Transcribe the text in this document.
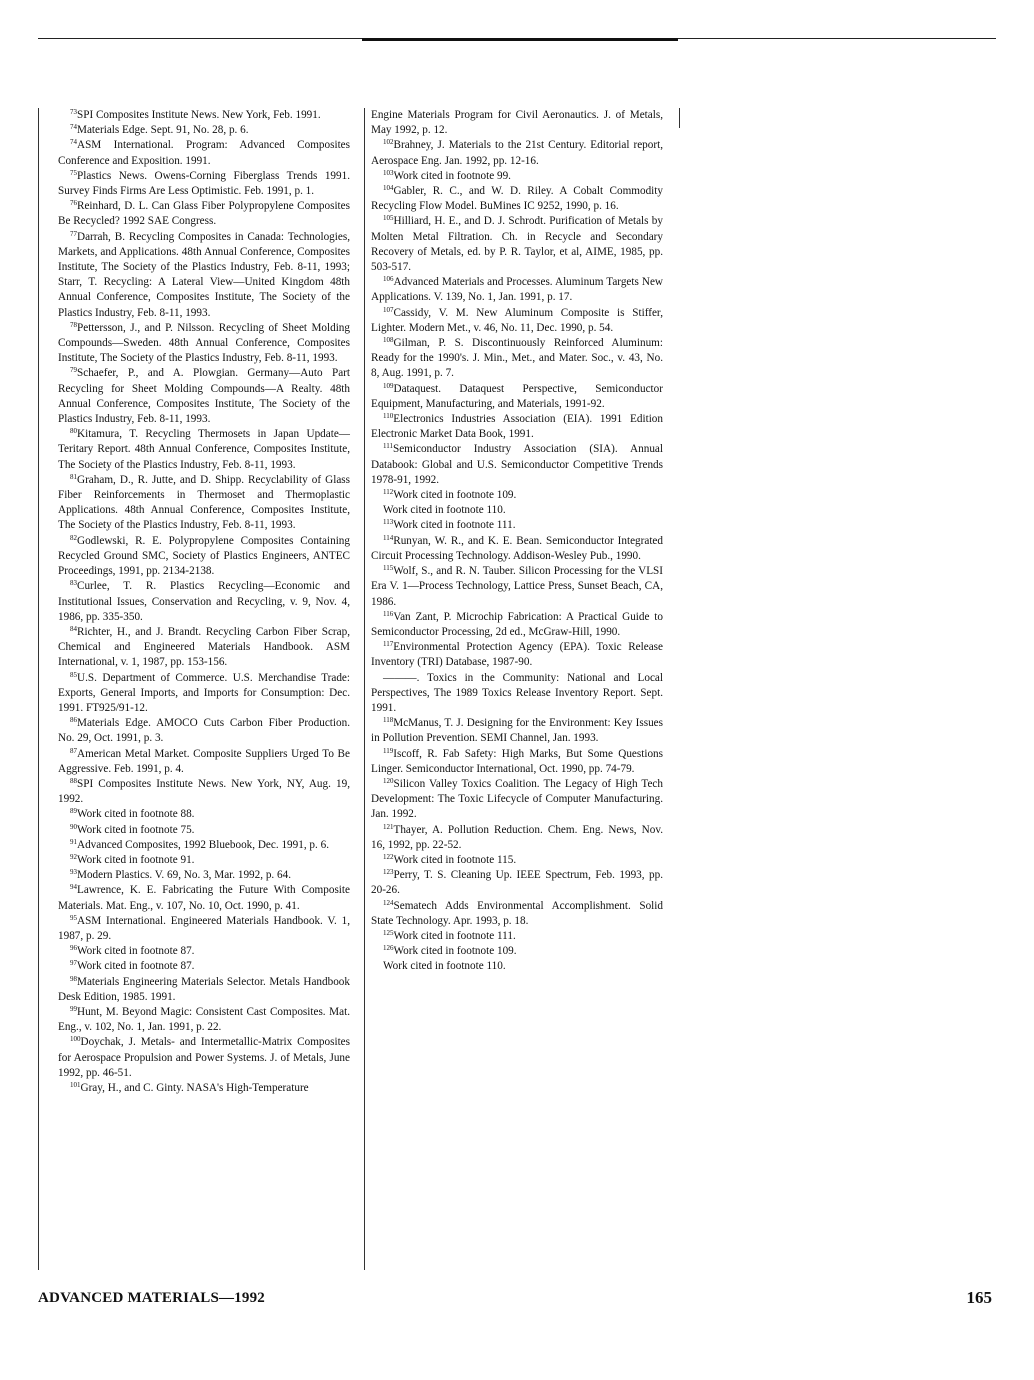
$^{73}$SPI Composites Institute News. New York, Feb. 1991.

$^{74}$Materials Edge. Sept. 91, No. 28, p. 6.

$^{74}$ASM International. Program: Advanced Composites Conference and Exposition. 1991.

$^{75}$Plastics News. Owens-Corning Fiberglass Trends 1991. Survey Finds Firms Are Less Optimistic. Feb. 1991, p. 1.

$^{76}$Reinhard, D. L. Can Glass Fiber Polypropylene Composites Be Recycled? 1992 SAE Congress.

$^{77}$Darrah, B. Recycling Composites in Canada: Technologies, Markets, and Applications. 48th Annual Conference, Composites Institute, The Society of the Plastics Industry, Feb. 8-11, 1993; Starr, T. Recycling: A Lateral View—United Kingdom 48th Annual Conference, Composites Institute, The Society of the Plastics Industry, Feb. 8-11, 1993.

$^{78}$Pettersson, J., and P. Nilsson. Recycling of Sheet Molding Compounds—Sweden. 48th Annual Conference, Composites Institute, The Society of the Plastics Industry, Feb. 8-11, 1993.

$^{79}$Schaefer, P., and A. Plowgian. Germany—Auto Part Recycling for Sheet Molding Compounds—A Realty. 48th Annual Conference, Composites Institute, The Society of the Plastics Industry, Feb. 8-11, 1993.

$^{80}$Kitamura, T. Recycling Thermosets in Japan Update—Teritary Report. 48th Annual Conference, Composites Institute, The Society of the Plastics Industry, Feb. 8-11, 1993.

$^{81}$Graham, D., R. Jutte, and D. Shipp. Recyclability of Glass Fiber Reinforcements in Thermoset and Thermoplastic Applications. 48th Annual Conference, Composites Institute, The Society of the Plastics Industry, Feb. 8-11, 1993.

$^{82}$Godlewski, R. E. Polypropylene Composites Containing Recycled Ground SMC, Society of Plastics Engineers, ANTEC Proceedings, 1991, pp. 2134-2138.

$^{83}$Curlee, T. R. Plastics Recycling—Economic and Institutional Issues, Conservation and Recycling, v. 9, Nov. 4, 1986, pp. 335-350.

$^{84}$Richter, H., and J. Brandt. Recycling Carbon Fiber Scrap, Chemical and Engineered Materials Handbook. ASM International, v. 1, 1987, pp. 153-156.

$^{85}$U.S. Department of Commerce. U.S. Merchandise Trade: Exports, General Imports, and Imports for Consumption: Dec. 1991. FT925/91-12.

$^{86}$Materials Edge. AMOCO Cuts Carbon Fiber Production. No. 29, Oct. 1991, p. 3.

$^{87}$American Metal Market. Composite Suppliers Urged To Be Aggressive. Feb. 1991, p. 4.

$^{88}$SPI Composites Institute News. New York, NY, Aug. 19, 1992.

$^{89}$Work cited in footnote 88.

$^{90}$Work cited in footnote 75.

$^{91}$Advanced Composites, 1992 Bluebook, Dec. 1991, p. 6.

$^{92}$Work cited in footnote 91.

$^{93}$Modern Plastics. V. 69, No. 3, Mar. 1992, p. 64.

$^{94}$Lawrence, K. E. Fabricating the Future With Composite Materials. Mat. Eng., v. 107, No. 10, Oct. 1990, p. 41.

$^{95}$ASM International. Engineered Materials Handbook. V. 1, 1987, p. 29.

$^{96}$Work cited in footnote 87.

$^{97}$Work cited in footnote 87.

$^{98}$Materials Engineering Materials Selector. Metals Handbook Desk Edition, 1985. 1991.

$^{99}$Hunt, M. Beyond Magic: Consistent Cast Composites. Mat. Eng., v. 102, No. 1, Jan. 1991, p. 22.

$^{100}$Doychak, J. Metals- and Intermetallic-Matrix Composites for Aerospace Propulsion and Power Systems. J. of Metals, June 1992, pp. 46-51.

$^{101}$Gray, H., and C. Ginty. NASA's High-Temperature

Engine Materials Program for Civil Aeronautics. J. of Metals, May 1992, p. 12.

$^{102}$Brahney, J. Materials to the 21st Century. Editorial report, Aerospace Eng. Jan. 1992, pp. 12-16.

$^{103}$Work cited in footnote 99.

$^{104}$Gabler, R. C., and W. D. Riley. A Cobalt Commodity Recycling Flow Model. BuMines IC 9252, 1990, p. 16.

$^{105}$Hilliard, H. E., and D. J. Schrodt. Purification of Metals by Molten Metal Filtration. Ch. in Recycle and Secondary Recovery of Metals, ed. by P. R. Taylor, et al, AIME, 1985, pp. 503-517.

$^{106}$Advanced Materials and Processes. Aluminum Targets New Applications. V. 139, No. 1, Jan. 1991, p. 17.

$^{107}$Cassidy, V. M. New Aluminum Composite is Stiffer, Lighter. Modern Met., v. 46, No. 11, Dec. 1990, p. 54.

$^{108}$Gilman, P. S. Discontinuously Reinforced Aluminum: Ready for the 1990's. J. Min., Met., and Mater. Soc., v. 43, No. 8, Aug. 1991, p. 7.

$^{109}$Dataquest. Dataquest Perspective, Semiconductor Equipment, Manufacturing, and Materials, 1991-92.

$^{110}$Electronics Industries Association (EIA). 1991 Edition Electronic Market Data Book, 1991.

$^{111}$Semiconductor Industry Association (SIA). Annual Databook: Global and U.S. Semiconductor Competitive Trends 1978-91, 1992.

$^{112}$Work cited in footnote 109.

Work cited in footnote 110.

$^{113}$Work cited in footnote 111.

$^{114}$Runyan, W. R., and K. E. Bean. Semiconductor Integrated Circuit Processing Technology. Addison-Wesley Pub., 1990.

$^{115}$Wolf, S., and R. N. Tauber. Silicon Processing for the VLSI Era V. 1—Process Technology, Lattice Press, Sunset Beach, CA, 1986.

$^{116}$Van Zant, P. Microchip Fabrication: A Practical Guide to Semiconductor Processing, 2d ed., McGraw-Hill, 1990.

$^{117}$Environmental Protection Agency (EPA). Toxic Release Inventory (TRI) Database, 1987-90.

———. Toxics in the Community: National and Local Perspectives, The 1989 Toxics Release Inventory Report. Sept. 1991.

$^{118}$McManus, T. J. Designing for the Environment: Key Issues in Pollution Prevention. SEMI Channel, Jan. 1993.

$^{119}$Iscoff, R. Fab Safety: High Marks, But Some Questions Linger. Semiconductor International, Oct. 1990, pp. 74-79.

$^{120}$Silicon Valley Toxics Coalition. The Legacy of High Tech Development: The Toxic Lifecycle of Computer Manufacturing. Jan. 1992.

$^{121}$Thayer, A. Pollution Reduction. Chem. Eng. News, Nov. 16, 1992, pp. 22-52.

$^{122}$Work cited in footnote 115.

$^{123}$Perry, T. S. Cleaning Up. IEEE Spectrum, Feb. 1993, pp. 20-26.

$^{124}$Sematech Adds Environmental Accomplishment. Solid State Technology. Apr. 1993, p. 18.

$^{125}$Work cited in footnote 111.

$^{126}$Work cited in footnote 109.

Work cited in footnote 110.

ADVANCED MATERIALS—1992	165
